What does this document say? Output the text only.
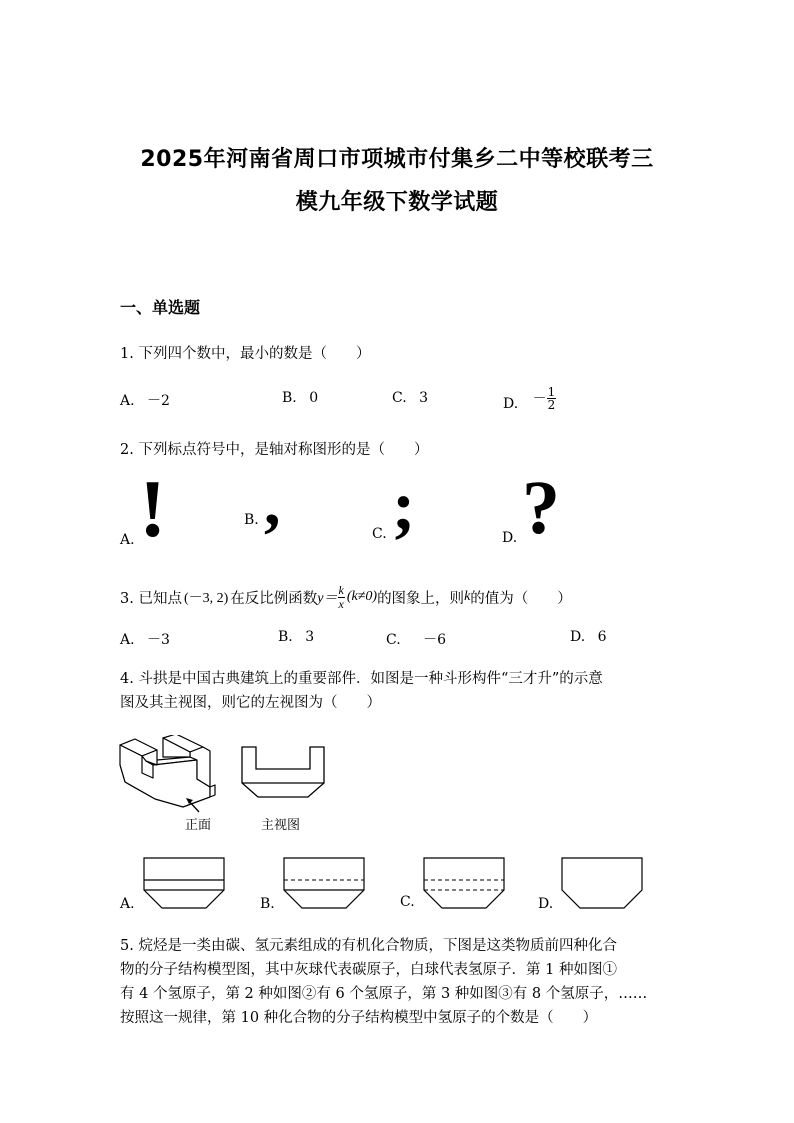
2025年河南省周口市项城市付集乡二中等校联考三
模九年级下数学试题
一、单选题
1. 下列四个数中，最小的数是（　　）
A. －2	B. 0	C. 3	D. － $\frac{1}{2}$
2. 下列标点符号中，是轴对称图形的是（　　）
A. !	B. ,	C. ;	D. ?
3. 已知点 (－3, 2) 在反比例函数 $y= \frac{k}{x} (k\ne 0)$ 的图象上，则 k 的值为（　　）
A. －3	B. 3	C. －6	D. 6
4. 斗拱是中国古典建筑上的重要部件．如图是一种斗形构件“三才升”的示意
图及其主视图，则它的左视图为（　　）
正面	主视图
A.	B.	C.	D.
5. 烷烃是一类由碳、氢元素组成的有机化合物质，下图是这类物质前四种化合
物的分子结构模型图，其中灰球代表碳原子，白球代表氢原子．第 1 种如图①
有 4 个氢原子，第 2 种如图②有 6 个氢原子，第 3 种如图③有 8 个氢原子，……
按照这一规律，第 10 种化合物的分子结构模型中氢原子的个数是（　　）
